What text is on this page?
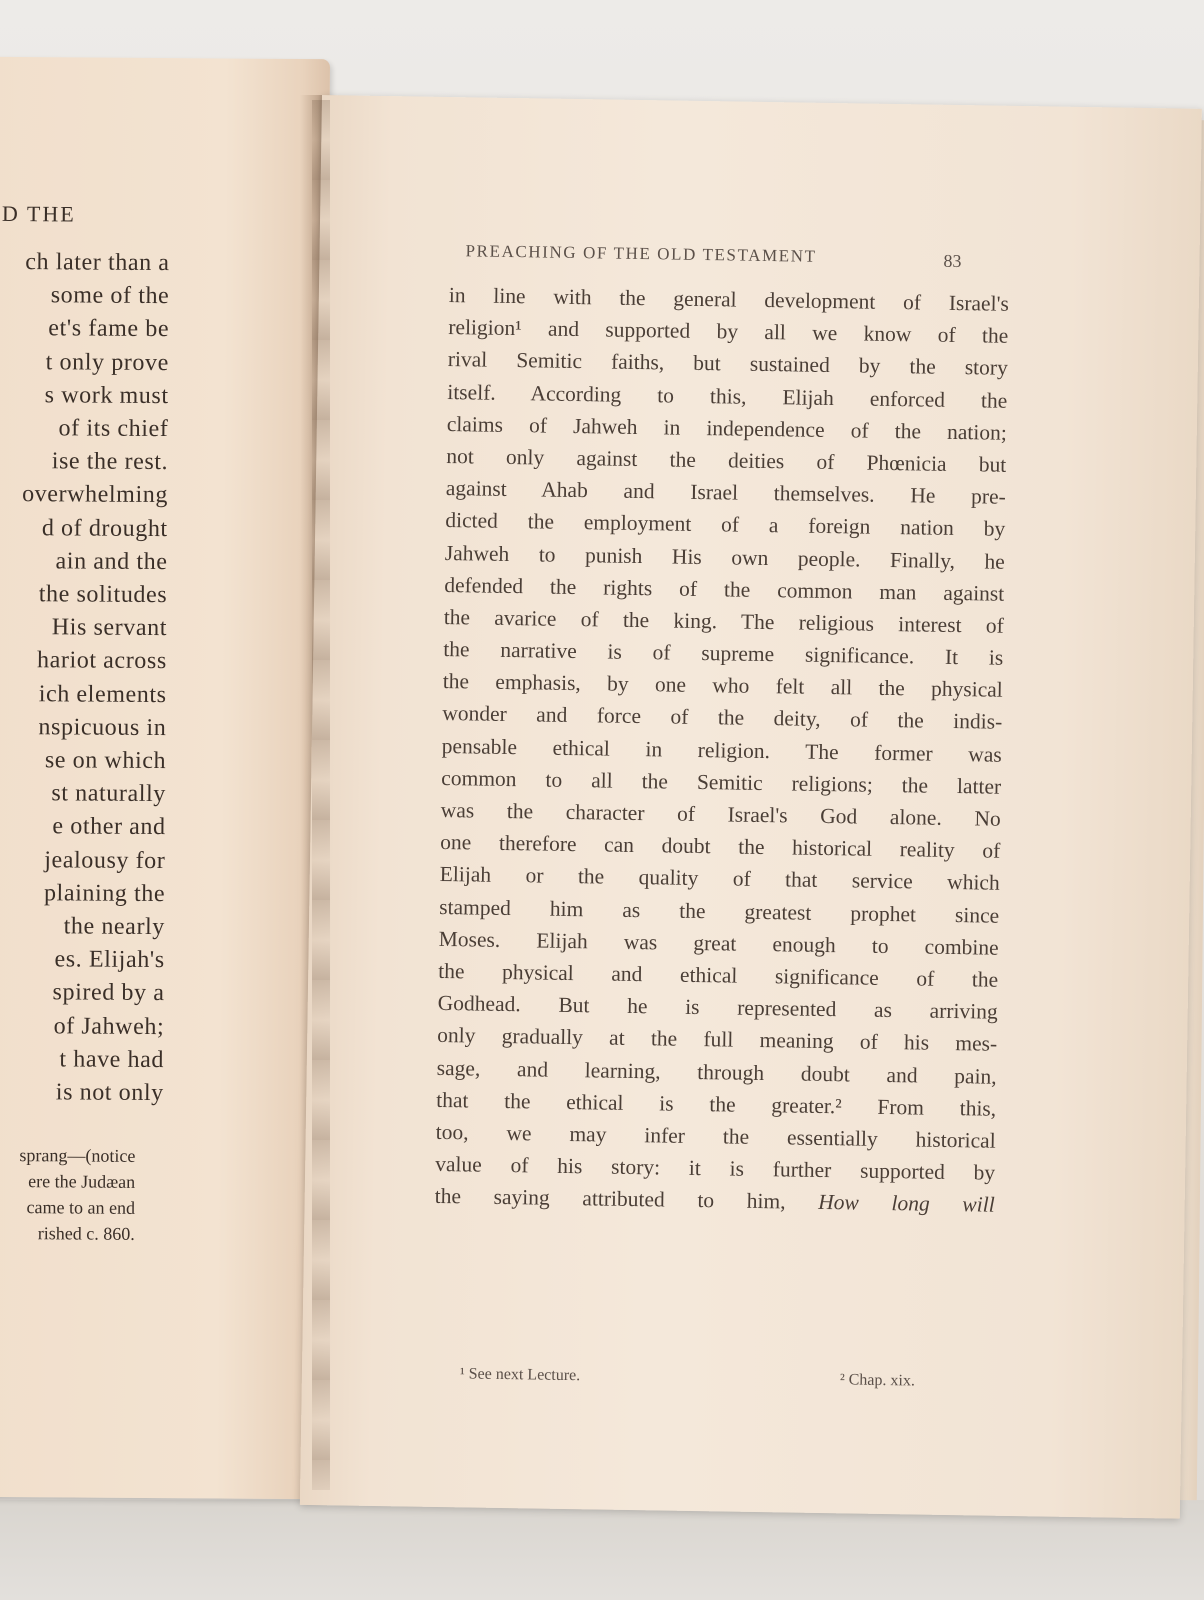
D THE
ch later than a
some of the
et's fame be
t only prove
s work must
of its chief
ise the rest.
overwhelming
d of drought
ain and the
the solitudes
His servant
hariot across
ich elements
nspicuous in
se on which
st naturally
e other and
jealousy for
plaining the
the nearly
es. Elijah's
spired by a
of Jahweh;
t have had
is not only
sprang—(notice
ere the Judæan
came to an end
rished c. 860.
PREACHING OF THE OLD TESTAMENT	83
in line with the general development of Israel's
religion¹ and supported by all we know of the
rival Semitic faiths, but sustained by the story
itself. According to this, Elijah enforced the
claims of Jahweh in independence of the nation;
not only against the deities of Phœnicia but
against Ahab and Israel themselves. He pre-
dicted the employment of a foreign nation by
Jahweh to punish His own people. Finally, he
defended the rights of the common man against
the avarice of the king. The religious interest of
the narrative is of supreme significance. It is
the emphasis, by one who felt all the physical
wonder and force of the deity, of the indis-
pensable ethical in religion. The former was
common to all the Semitic religions; the latter
was the character of Israel's God alone. No
one therefore can doubt the historical reality of
Elijah or the quality of that service which
stamped him as the greatest prophet since
Moses. Elijah was great enough to combine
the physical and ethical significance of the
Godhead. But he is represented as arriving
only gradually at the full meaning of his mes-
sage, and learning, through doubt and pain,
that the ethical is the greater.² From this,
too, we may infer the essentially historical
value of his story: it is further supported by
the saying attributed to him, How long will
¹ See next Lecture.	² Chap. xix.
